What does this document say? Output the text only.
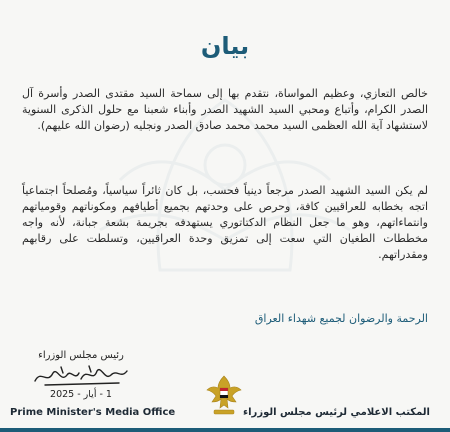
بيان
خالص التعازي، وعظيم المواساة، نتقدم بها إلى سماحة السيد مقتدى الصدر وأسرة آل الصدر الكرام، وأتباع ومحبي السيد الشهيد الصدر وأبناء شعبنا مع حلول الذكرى السنوية لاستشهاد آية الله العظمى السيد محمد محمد صادق الصدر ونجليه (رضوان الله عليهم).
لم يكن السيد الشهيد الصدر مرجعاً دينياً فحسب، بل كان ثائراً سياسياً، ومُصلحاً اجتماعياً اتجه بخطابه للعراقيين كافة، وحرص على وحدتهم بجميع أطيافهم ومكوناتهم وقومياتهم وانتماءاتهم، وهو ما جعل النظام الدكتاتوري يستهدفه بجريمة بشعة جبانة، لأنه واجه مخططات الطغيان التي سعت إلى تمزيق وحدة العراقيين، وتسلطت على رقابهم ومقدراتهم.
الرحمة والرضوان لجميع شهداء العراق
رئيس مجلس الوزراء
1 - أيار - 2025
Prime Minister's Media Office	المكتب الاعلامي لرئيس مجلس الوزراء
